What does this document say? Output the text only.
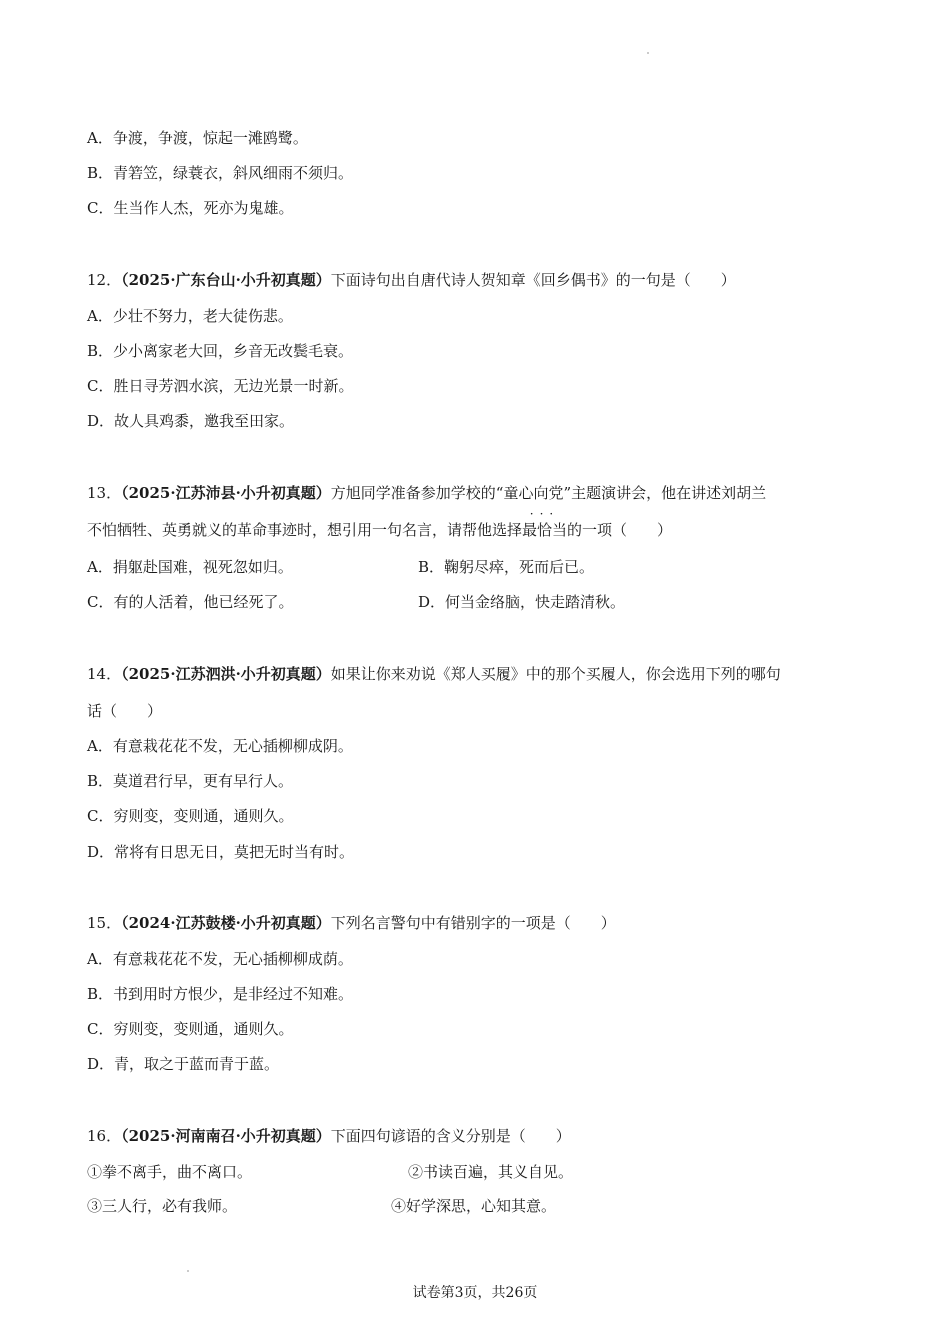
A．争渡，争渡，惊起一滩鸥鹭。
B．青箬笠，绿蓑衣，斜风细雨不须归。
C．生当作人杰，死亦为鬼雄。
12．（2025·广东台山·小升初真题）下面诗句出自唐代诗人贺知章《回乡偶书》的一句是（　　）
A．少壮不努力，老大徒伤悲。
B．少小离家老大回，乡音无改鬓毛衰。
C．胜日寻芳泗水滨，无边光景一时新。
D．故人具鸡黍，邀我至田家。
13．（2025·江苏沛县·小升初真题）方旭同学准备参加学校的“童心向党”主题演讲会，他在讲述刘胡兰
不怕牺牲、英勇就义的革命事迹时，想引用一句名言，请帮他选择
···
最恰当的一项（　　）
A．捐躯赴国难，视死忽如归。	B．鞠躬尽瘁，死而后已。
C．有的人活着，他已经死了。	D．何当金络脑，快走踏清秋。
14．（2025·江苏泗洪·小升初真题）如果让你来劝说《郑人买履》中的那个买履人，你会选用下列的哪句
话（　　）
A．有意栽花花不发，无心插柳柳成阴。
B．莫道君行早，更有早行人。
C．穷则变，变则通，通则久。
D．常将有日思无日，莫把无时当有时。
15．（2024·江苏鼓楼·小升初真题）下列名言警句中有错别字的一项是（　　）
A．有意栽花花不发，无心插柳柳成荫。
B．书到用时方恨少，是非经过不知难。
C．穷则变，变则通，通则久。
D．青，取之于蓝而青于蓝。
16．（2025·河南南召·小升初真题）下面四句谚语的含义分别是（　　）
①拳不离手，曲不离口。	②书读百遍，其义自见。
③三人行，必有我师。	④好学深思，心知其意。
试卷第3页，共26页
